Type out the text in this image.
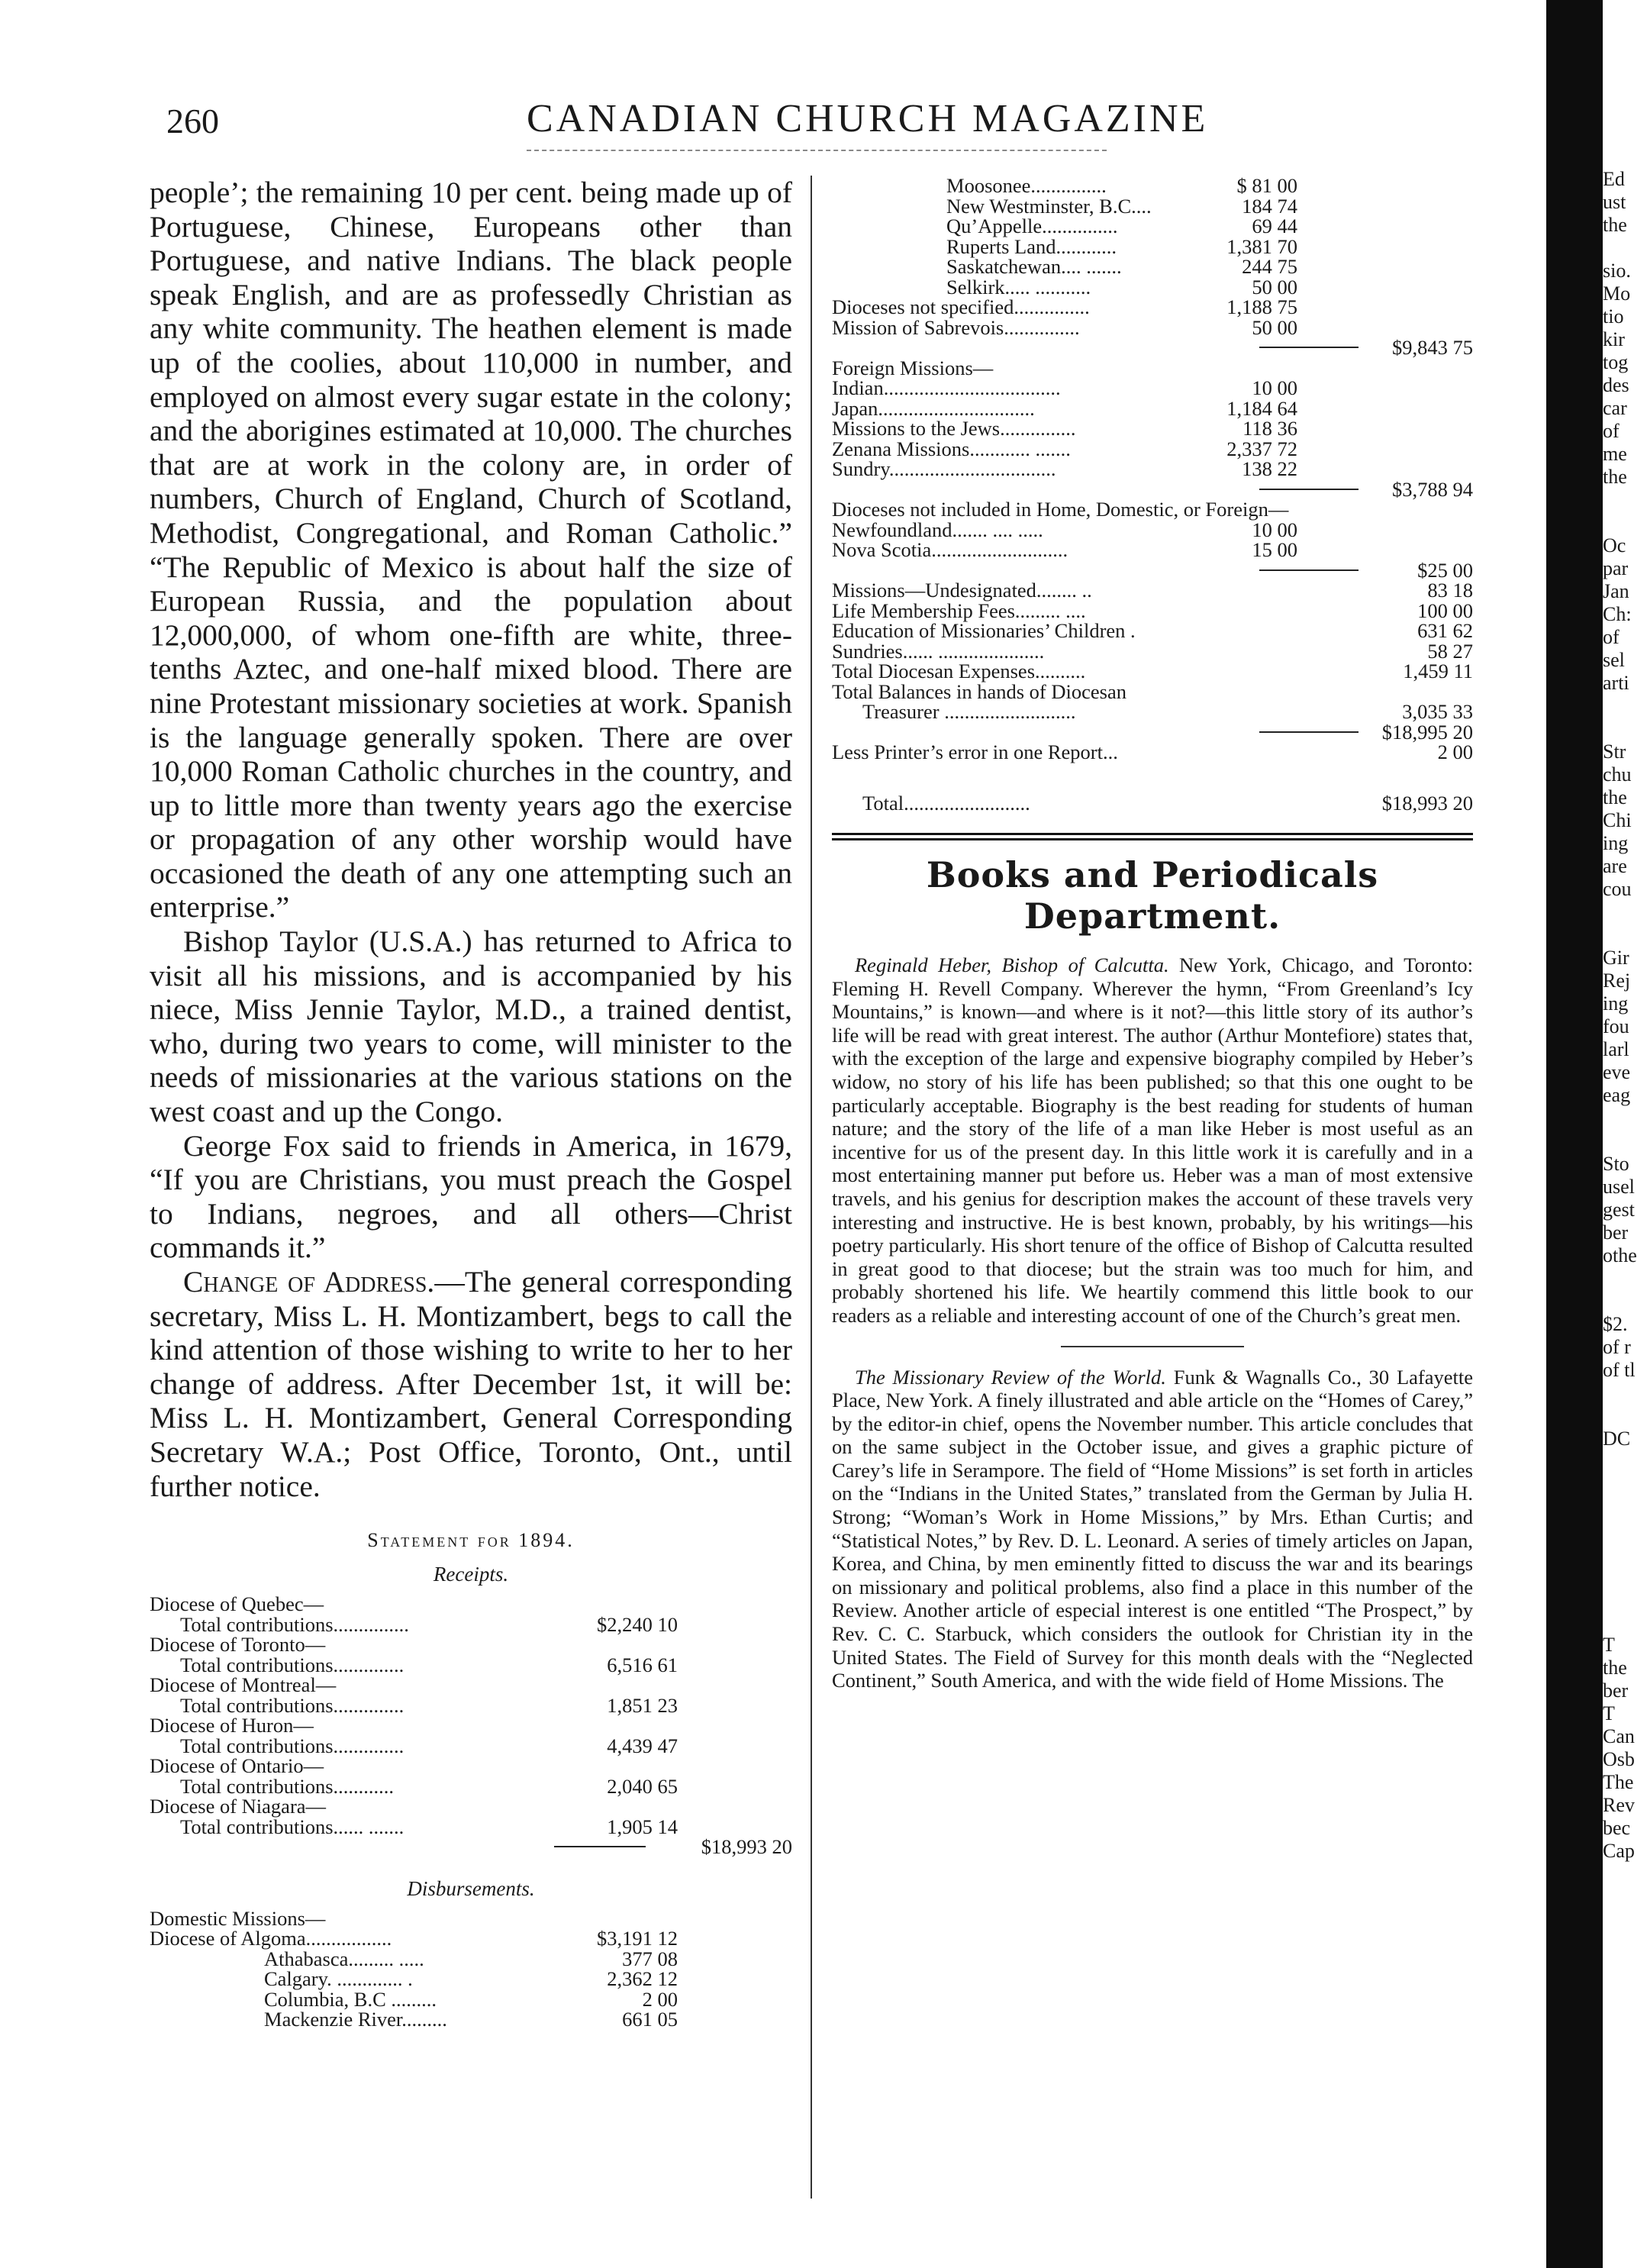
260	CANADIAN CHURCH MAGAZINE

people’; the remaining 10 per cent. being made up of Portuguese, Chinese, Europeans other than Portuguese, and native Indians. The black people speak English, and are as professedly Christian as any white community. The heathen element is made up of the coolies, about 110,000 in number, and employed on almost every sugar estate in the colony; and the aborigines estimated at 10,000. The churches that are at work in the colony are, in order of numbers, Church of England, Church of Scotland, Methodist, Congregational, and Roman Catholic.” “The Republic of Mexico is about half the size of European Russia, and the population about 12,000,000, of whom one-fifth are white, three-tenths Aztec, and one-half mixed blood. There are nine Protestant missionary societies at work. Spanish is the language generally spoken. There are over 10,000 Roman Catholic churches in the country, and up to little more than twenty years ago the exercise or propagation of any other worship would have occasioned the death of any one attempting such an enterprise.”

Bishop Taylor (U.S.A.) has returned to Africa to visit all his missions, and is accompanied by his niece, Miss Jennie Taylor, M.D., a trained dentist, who, during two years to come, will minister to the needs of missionaries at the various stations on the west coast and up the Congo.

George Fox said to friends in America, in 1679, “If you are Christians, you must preach the Gospel to Indians, negroes, and all others—Christ commands it.”

Change of Address.—The general corresponding secretary, Miss L. H. Montizambert, begs to call the kind attention of those wishing to write to her to her change of address. After December 1st, it will be: Miss L. H. Montizambert, General Corresponding Secretary W.A.; Post Office, Toronto, Ont., until further notice.

Statement for 1894.
Receipts.
Diocese of Quebec—
Total contributions...............	$2,240 10
Diocese of Toronto—
Total contributions..............	6,516 61
Diocese of Montreal—
Total contributions..............	1,851 23
Diocese of Huron—
Total contributions..............	4,439 47
Diocese of Ontario—
Total contributions............	2,040 65
Diocese of Niagara—
Total contributions...... .......	1,905 14
$18,993 20
Disbursements.
Domestic Missions—
Diocese of Algoma.................	$3,191 12
Athabasca......... .....	377 08
Calgary. ............. .	2,362 12
Columbia, B.C .........	2 00
Mackenzie River.........	661 05
Moosonee...............	$ 81 00
New Westminster, B.C....	184 74
Qu’Appelle...............	69 44
Ruperts Land............	1,381 70
Saskatchewan.... .......	244 75
Selkirk..... ...........	50 00
Dioceses not specified...............	1,188 75
Mission of Sabrevois...............	50 00
$9,843 75
Foreign Missions—
Indian...................................	10 00
Japan...............................	1,184 64
Missions to the Jews...............	118 36
Zenana Missions............ .......	2,337 72
Sundry.................................	138 22
$3,788 94
Dioceses not included in Home, Domestic, or Foreign—
Newfoundland....... .... .....	10 00
Nova Scotia...........................	15 00
$25 00
Missions—Undesignated........ ..	83 18
Life Membership Fees......... ....	100 00
Education of Missionaries’ Children .	631 62
Sundries...... .....................	58 27
Total Diocesan Expenses..........	1,459 11
Total Balances in hands of Diocesan
Treasurer ..........................	3,035 33
$18,995 20
Less Printer’s error in one Report...	2 00
Total.........................	$18,993 20
Books and Periodicals Department.

Reginald Heber, Bishop of Calcutta. New York, Chicago, and Toronto: Fleming H. Revell Company. Wherever the hymn, “From Greenland’s Icy Mountains,” is known—and where is it not?—this little story of its author’s life will be read with great interest. The author (Arthur Montefiore) states that, with the exception of the large and expensive biography compiled by Heber’s widow, no story of his life has been published; so that this one ought to be particularly acceptable. Biography is the best reading for students of human nature; and the story of the life of a man like Heber is most useful as an incentive for us of the present day. In this little work it is carefully and in a most entertaining manner put before us. Heber was a man of most extensive travels, and his genius for description makes the account of these travels very interesting and instructive. He is best known, probably, by his writings—his poetry particularly. His short tenure of the office of Bishop of Calcutta resulted in great good to that diocese; but the strain was too much for him, and probably shortened his life. We heartily commend this little book to our readers as a reliable and interesting account of one of the Church’s great men.

The Missionary Review of the World. Funk & Wagnalls Co., 30 Lafayette Place, New York. A finely illustrated and able article on the “Homes of Carey,” by the editor-in chief, opens the November number. This article concludes that on the same subject in the October issue, and gives a graphic picture of Carey’s life in Serampore. The field of “Home Missions” is set forth in articles on the “Indians in the United States,” translated from the German by Julia H. Strong; “Woman’s Work in Home Missions,” by Mrs. Ethan Curtis; and “Statistical Notes,” by Rev. D. L. Leonard. A series of timely articles on Japan, Korea, and China, by men eminently fitted to discuss the war and its bearings on missionary and political problems, also find a place in this number of the Review. Another article of especial interest is one entitled “The Prospect,” by Rev. C. C. Starbuck, which considers the outlook for Christian ity in the United States. The Field of Survey for this month deals with the “Neglected Continent,” South America, and with the wide field of Home Missions. The

Ed
ust
the
sio.
Mo
tio
kir
tog
des
car
of
me
the
Oc
par
Jan
Ch:
of
sel
arti
Str
chu
the
Chi
ing
are
cou
Gir
Rej
ing
fou
larl
eve
eag
Sto
usel
gest
ber
othe
$2.
of r
of tl
DC
T
the
ber
T
Can
Osb
The
Rev
bec
Cap
